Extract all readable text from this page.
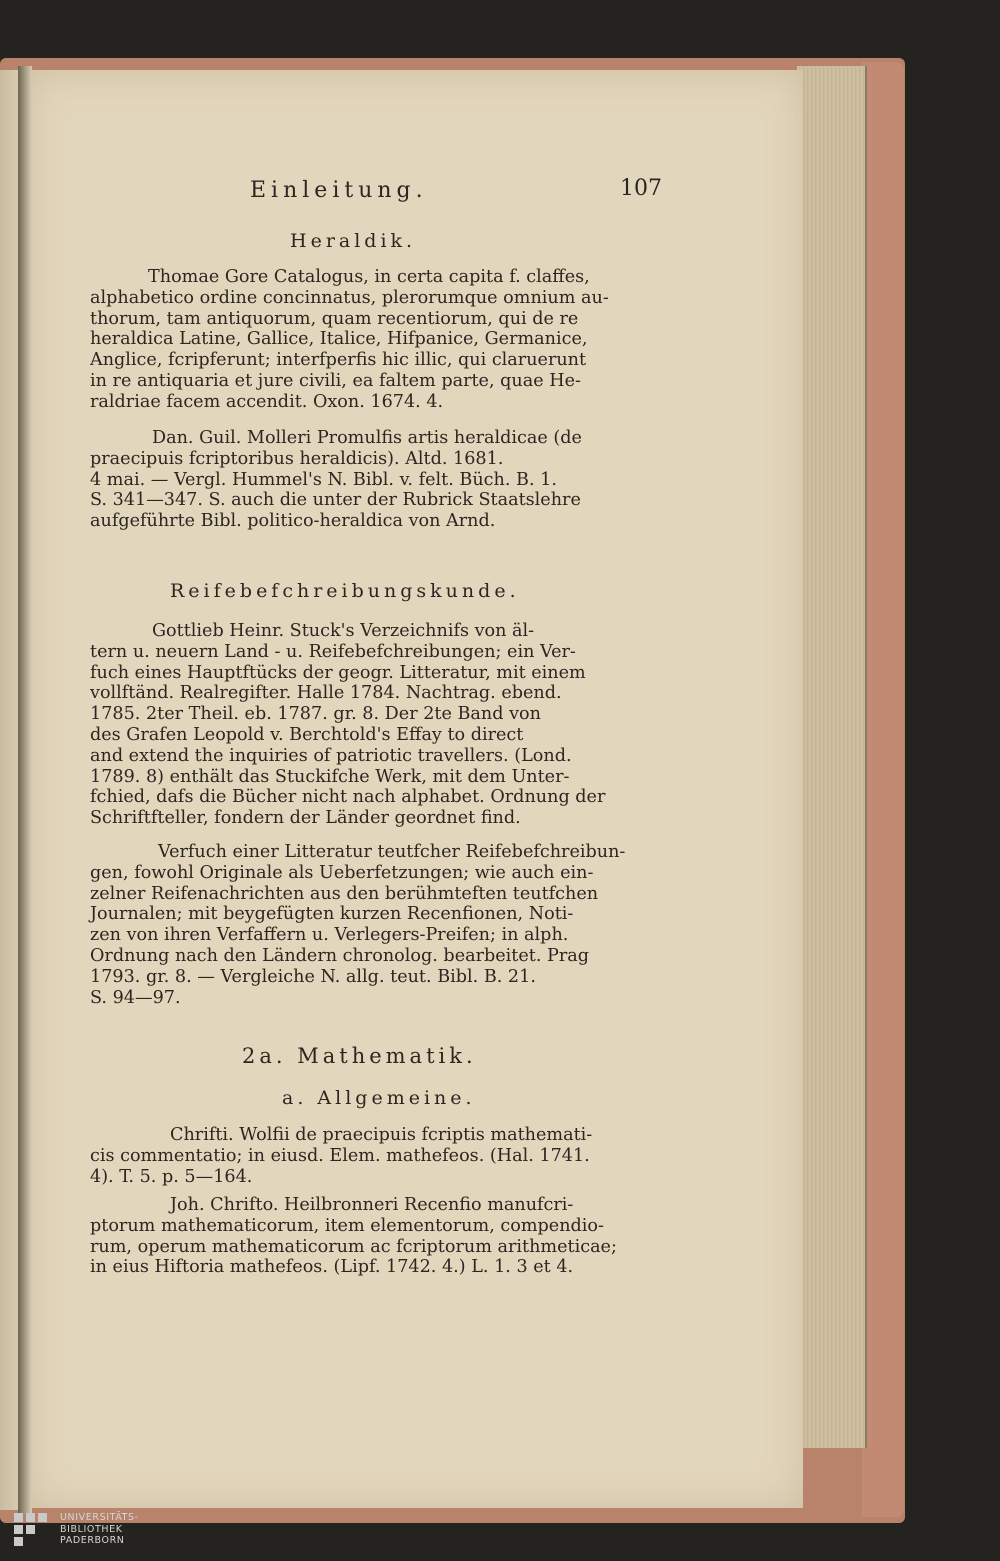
Einleitung.	107
Heraldik.
Thomae Gore Catalogus, in certa capita f. claffes,
alphabetico ordine concinnatus, plerorumque omnium au-
thorum, tam antiquorum, quam recentiorum, qui de re
heraldica Latine, Gallice, Italice, Hifpanice, Germanice,
Anglice, fcripferunt; interfperfis hic illic, qui claruerunt
in re antiquaria et jure civili, ea faltem parte, quae He-
raldriae facem accendit. Oxon. 1674. 4.
Dan. Guil. Molleri Promulfis artis heraldicae (de
praecipuis fcriptoribus heraldicis). Altd. 1681.
4 mai. — Vergl. Hummel's N. Bibl. v. felt. Büch. B. 1.
S. 341—347. S. auch die unter der Rubrick Staatslehre
aufgeführte Bibl. politico-heraldica von Arnd.
Reifebefchreibungskunde.
Gottlieb Heinr. Stuck's Verzeichnifs von äl-
tern u. neuern Land - u. Reifebefchreibungen; ein Ver-
fuch eines Hauptftücks der geogr. Litteratur, mit einem
vollftänd. Realregifter. Halle 1784. Nachtrag. ebend.
1785. 2ter Theil. eb. 1787. gr. 8. Der 2te Band von
des Grafen Leopold v. Berchtold's Effay to direct
and extend the inquiries of patriotic travellers. (Lond.
1789. 8) enthält das Stuckifche Werk, mit dem Unter-
fchied, dafs die Bücher nicht nach alphabet. Ordnung der
Schriftfteller, fondern der Länder geordnet find.
Verfuch einer Litteratur teutfcher Reifebefchreibun-
gen, fowohl Originale als Ueberfetzungen; wie auch ein-
zelner Reifenachrichten aus den berühmteften teutfchen
Journalen; mit beygefügten kurzen Recenfionen, Noti-
zen von ihren Verfaffern u. Verlegers-Preifen; in alph.
Ordnung nach den Ländern chronolog. bearbeitet. Prag
1793. gr. 8. — Vergleiche N. allg. teut. Bibl. B. 21.
S. 94—97.
2a. Mathematik.
a. Allgemeine.
Chrifti. Wolfii de praecipuis fcriptis mathemati-
cis commentatio; in eiusd. Elem. mathefeos. (Hal. 1741.
4). T. 5. p. 5—164.
Joh. Chrifto. Heilbronneri Recenfio manufcri-
ptorum mathematicorum, item elementorum, compendio-
rum, operum mathematicorum ac fcriptorum arithmeticae;
in eius Hiftoria mathefeos. (Lipf. 1742. 4.) L. 1. 3 et 4.
UNIVERSITÄTS-
BIBLIOTHEK
PADERBORN
